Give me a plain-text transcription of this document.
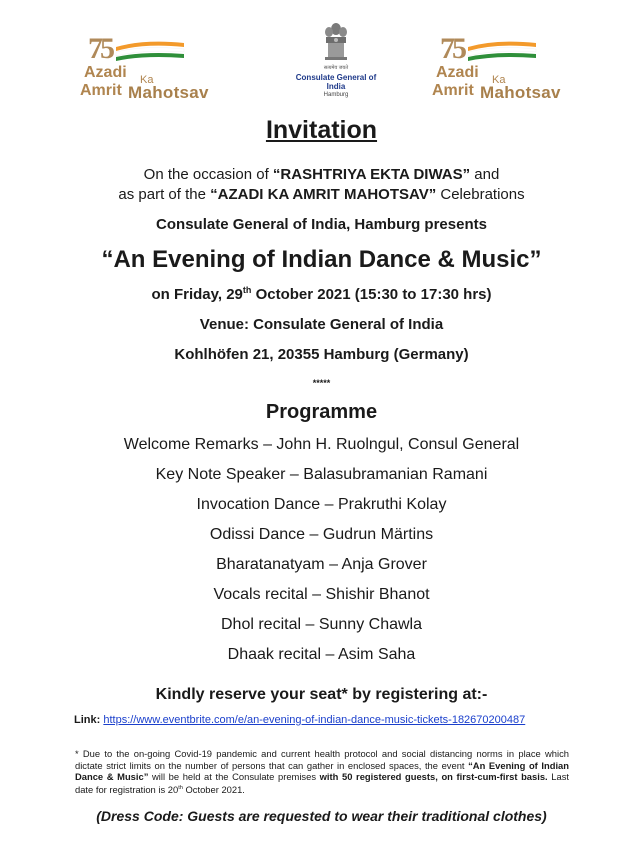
75
Azadi Ka
Amrit Mahotsav
सत्यमेव जयते
Consulate General of India
Hamburg
75
Azadi Ka
Amrit Mahotsav
Invitation
On the occasion of “RASHTRIYA EKTA DIWAS” and
as part of the “AZADI KA AMRIT MAHOTSAV” Celebrations
Consulate General of India, Hamburg presents
“An Evening of Indian Dance & Music”
on Friday, 29th October 2021 (15:30 to 17:30 hrs)
Venue: Consulate General of India
Kohlhöfen 21, 20355 Hamburg (Germany)
*****
Programme
Welcome Remarks – John H. Ruolngul, Consul General
Key Note Speaker – Balasubramanian Ramani
Invocation Dance – Prakruthi Kolay
Odissi Dance – Gudrun Märtins
Bharatanatyam – Anja Grover
Vocals recital – Shishir Bhanot
Dhol recital – Sunny Chawla
Dhaak recital – Asim Saha
Kindly reserve your seat* by registering at:-
Link: https://www.eventbrite.com/e/an-evening-of-indian-dance-music-tickets-182670200487
* Due to the on-going Covid-19 pandemic and current health protocol and social distancing norms in place which dictate strict limits on the number of persons that can gather in enclosed spaces, the event “An Evening of Indian Dance & Music” will be held at the Consulate premises with 50 registered guests, on first-cum-first basis. Last date for registration is 20th October 2021.
(Dress Code: Guests are requested to wear their traditional clothes)
